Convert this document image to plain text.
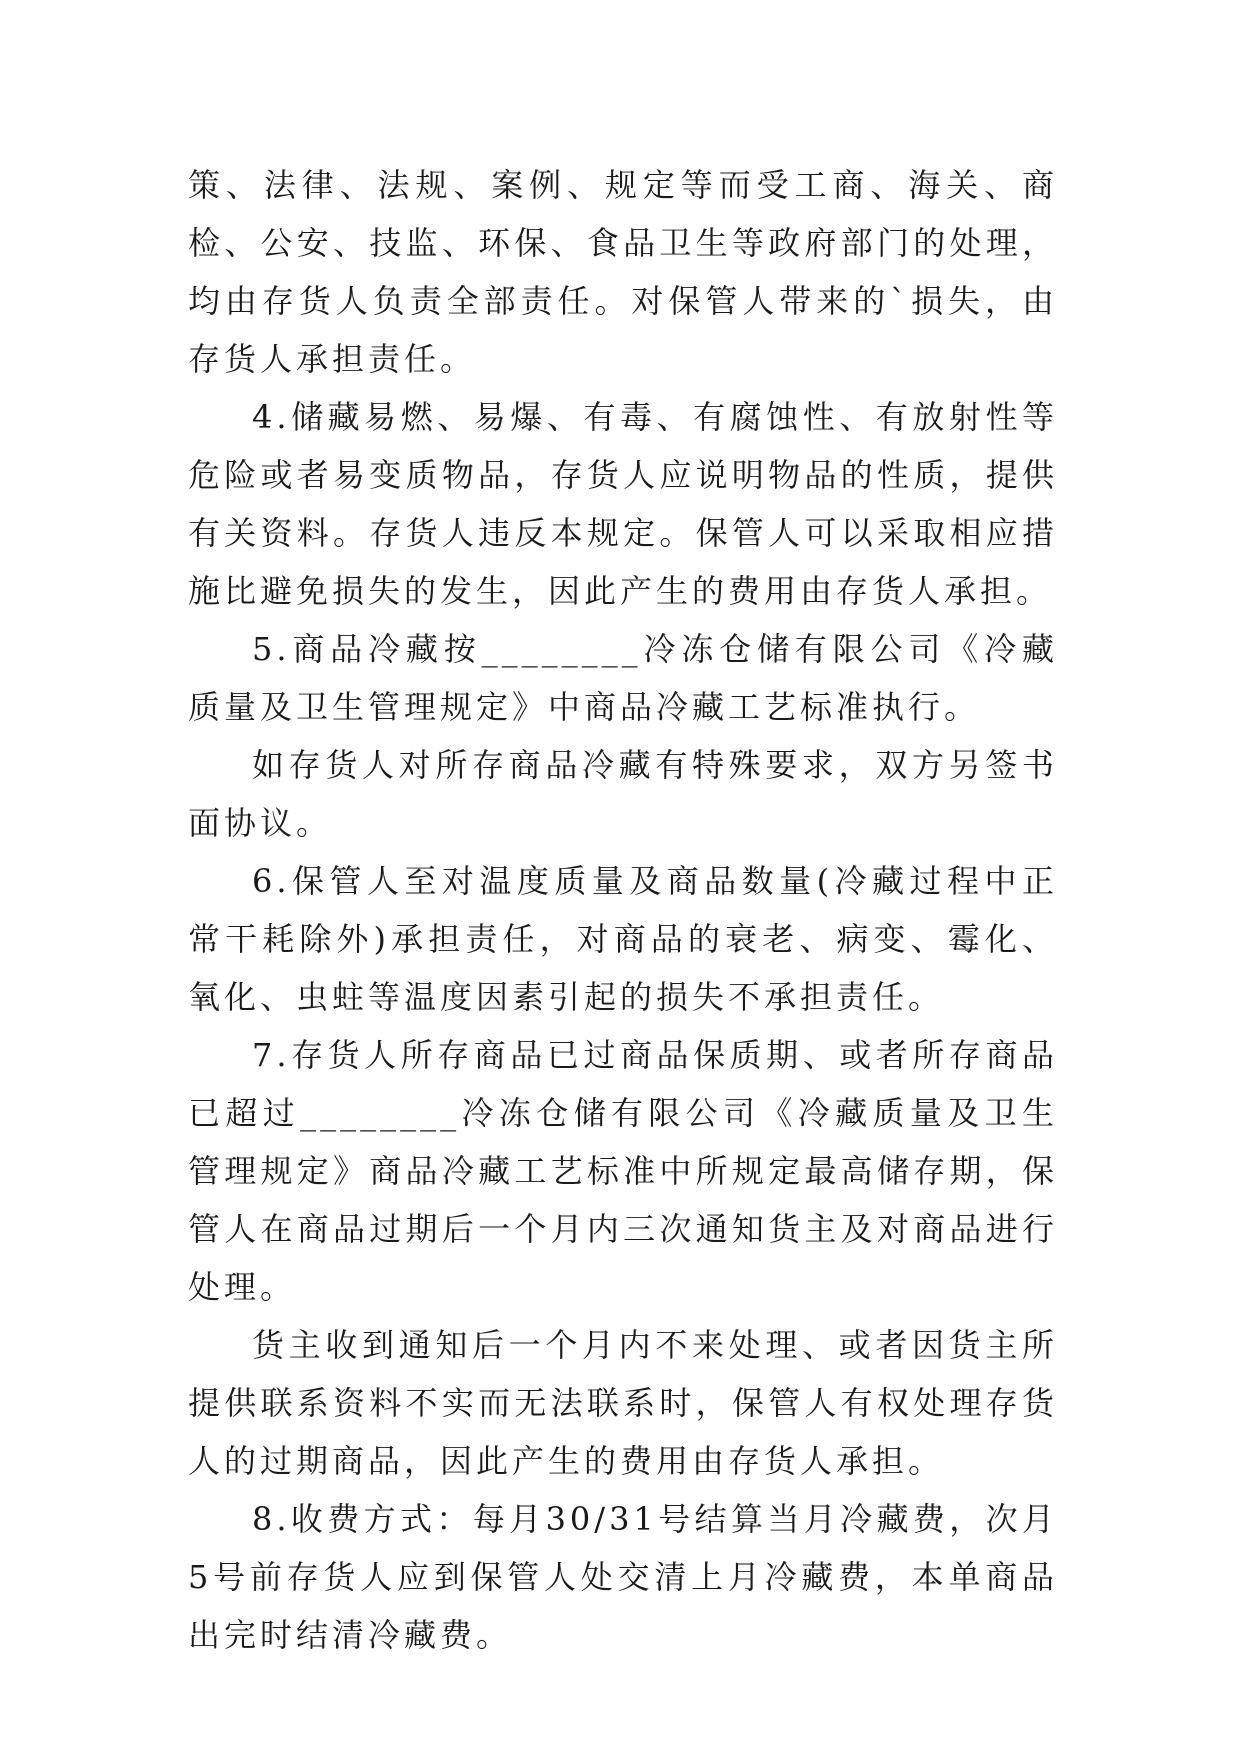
策、法律、法规、案例、规定等而受工商、海关、商检、公安、技监、环保、食品卫生等政府部门的处理，均由存货人负责全部责任。对保管人带来的`损失，由存货人承担责任。

4.储藏易燃、易爆、有毒、有腐蚀性、有放射性等危险或者易变质物品，存货人应说明物品的性质，提供有关资料。存货人违反本规定。保管人可以采取相应措施比避免损失的发生，因此产生的费用由存货人承担。

5.商品冷藏按________冷冻仓储有限公司《冷藏质量及卫生管理规定》中商品冷藏工艺标准执行。

如存货人对所存商品冷藏有特殊要求，双方另签书面协议。

6.保管人至对温度质量及商品数量(冷藏过程中正常干耗除外)承担责任，对商品的衰老、病变、霉化、氧化、虫蛀等温度因素引起的损失不承担责任。

7.存货人所存商品已过商品保质期、或者所存商品已超过________冷冻仓储有限公司《冷藏质量及卫生管理规定》商品冷藏工艺标准中所规定最高储存期，保管人在商品过期后一个月内三次通知货主及对商品进行处理。

货主收到通知后一个月内不来处理、或者因货主所提供联系资料不实而无法联系时，保管人有权处理存货人的过期商品，因此产生的费用由存货人承担。

8.收费方式：每月30/31号结算当月冷藏费，次月5号前存货人应到保管人处交清上月冷藏费，本单商品出完时结清冷藏费。
